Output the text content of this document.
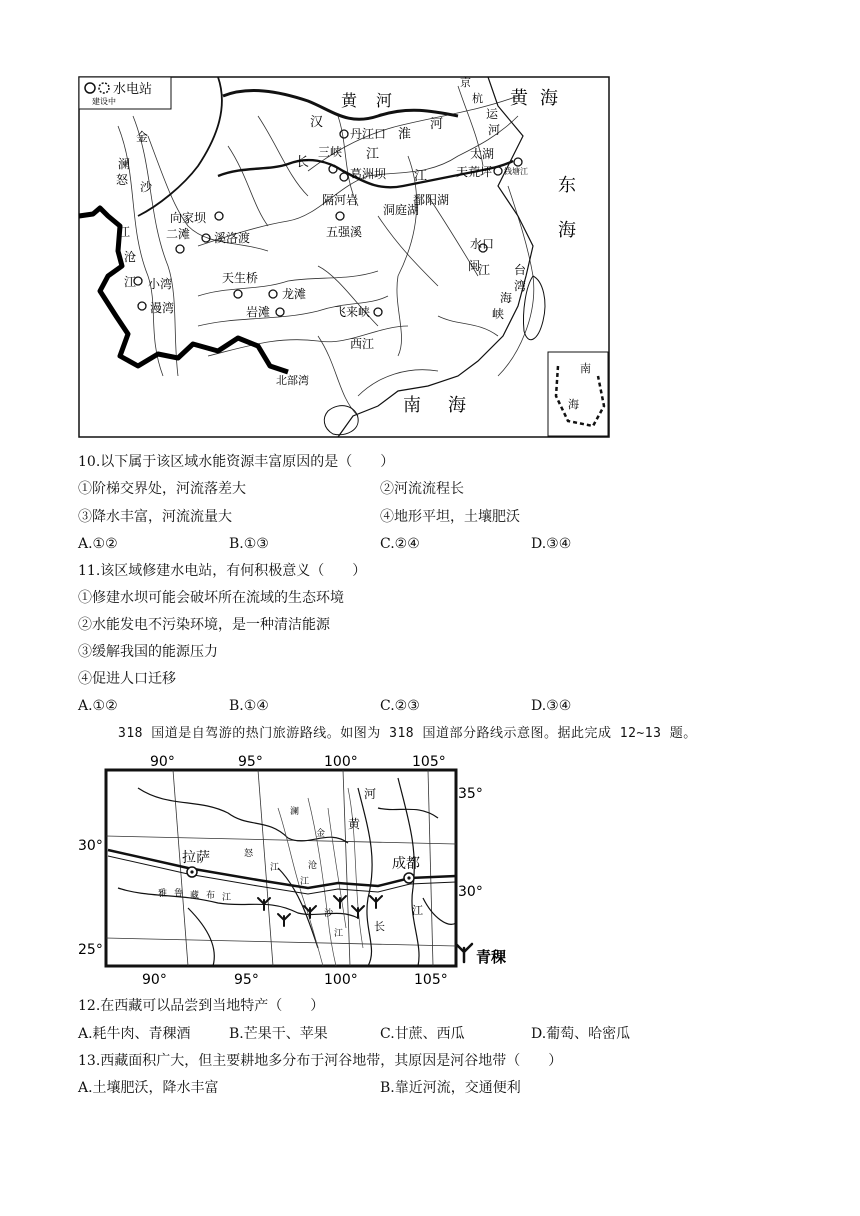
水电站
建设中	黄 海
东
海
南 海
黄 河
淮
河
汉
江
长
江
金
沙
澜
沧
江
怒
江
西江
闽
江
运
河
京
杭
台
湾
海
峡
北部湾
丹江口
三峡
葛洲坝
隔河岩
五强溪
洞庭湖
鄱阳湖
太湖
天荒坪 钱塘江
向家坝
二滩 溪洛渡	水口
天生桥
龙滩
岩滩	飞来峡
小湾
漫湾
南
海
10.以下属于该区域水能资源丰富原因的是（　　）
①阶梯交界处，河流落差大	②河流流程长
③降水丰富，河流流量大	④地形平坦，土壤肥沃
A.①②	B.①③	C.②④	D.③④
11.该区域修建水电站，有何积极意义（　　）
①修建水坝可能会破坏所在流域的生态环境
②水能发电不污染环境，是一种清洁能源
③缓解我国的能源压力
④促进人口迁移
A.①②	B.①④	C.②③	D.③④
318 国道是自驾游的热门旅游路线。如图为 318 国道部分路线示意图。据此完成 12~13 题。
90°	95°	100°	105°
90°	95°	100°	105°
30°
25°
35°
30°
拉萨	成都
黄
河
金
怒
江
澜
沧
江
雅 鲁 藏 布 江
沙
江
长
江
青稞
12.在西藏可以品尝到当地特产（　　）
A.耗牛肉、青稞酒	B.芒果干、苹果	C.甘蔗、西瓜	D.葡萄、哈密瓜
13.西藏面积广大，但主要耕地多分布于河谷地带，其原因是河谷地带（　　）
A.土壤肥沃，降水丰富	B.靠近河流，交通便利
